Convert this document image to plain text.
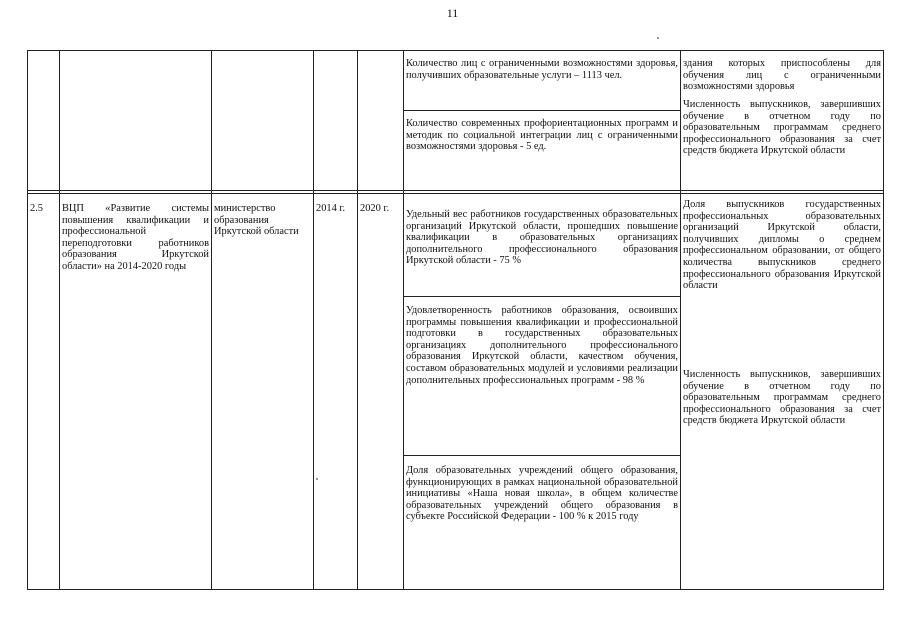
11
Количество лиц с ограниченными возможностями здоровья, получивших образовательные услуги – 1113 чел.
Количество современных профориентационных программ и методик по социальной интеграции лиц с ограниченными возможностями здоровья - 5 ед.
здания которых приспособлены для обучения лиц с ограниченными возможностями здоровья
Численность выпускников, завершивших обучение в отчетном году по образовательным программам среднего профессионального образования за счет средств бюджета Иркутской области
2.5	ВЦП «Развитие системы повышения квалификации и профессиональной переподготовки работников образования Иркутской области» на 2014-2020 годы
министерство образования Иркутской области
2014 г.	2020 г.
Удельный вес работников государственных образовательных организаций Иркутской области, прошедших повышение квалификации в образовательных организациях дополнительного профессионального образования Иркутской области - 75 %
Удовлетворенность работников образования, освоивших программы повышения квалификации и профессиональной подготовки в государственных образовательных организациях дополнительного профессионального образования Иркутской области, качеством обучения, составом образовательных модулей и условиями реализации дополнительных профессиональных программ - 98 %
Доля образовательных учреждений общего образования, функционирующих в рамках национальной образовательной инициативы «Наша новая школа», в общем количестве образовательных учреждений общего образования в субъекте Российской Федерации - 100 % к 2015 году
Доля выпускников государственных профессиональных образовательных организаций Иркутской области, получивших дипломы о среднем профессиональном образовании, от общего количества выпускников среднего профессионального образования Иркутской области
Численность выпускников, завершивших обучение в отчетном году по образовательным программам среднего профессионального образования за счет средств бюджета Иркутской области
